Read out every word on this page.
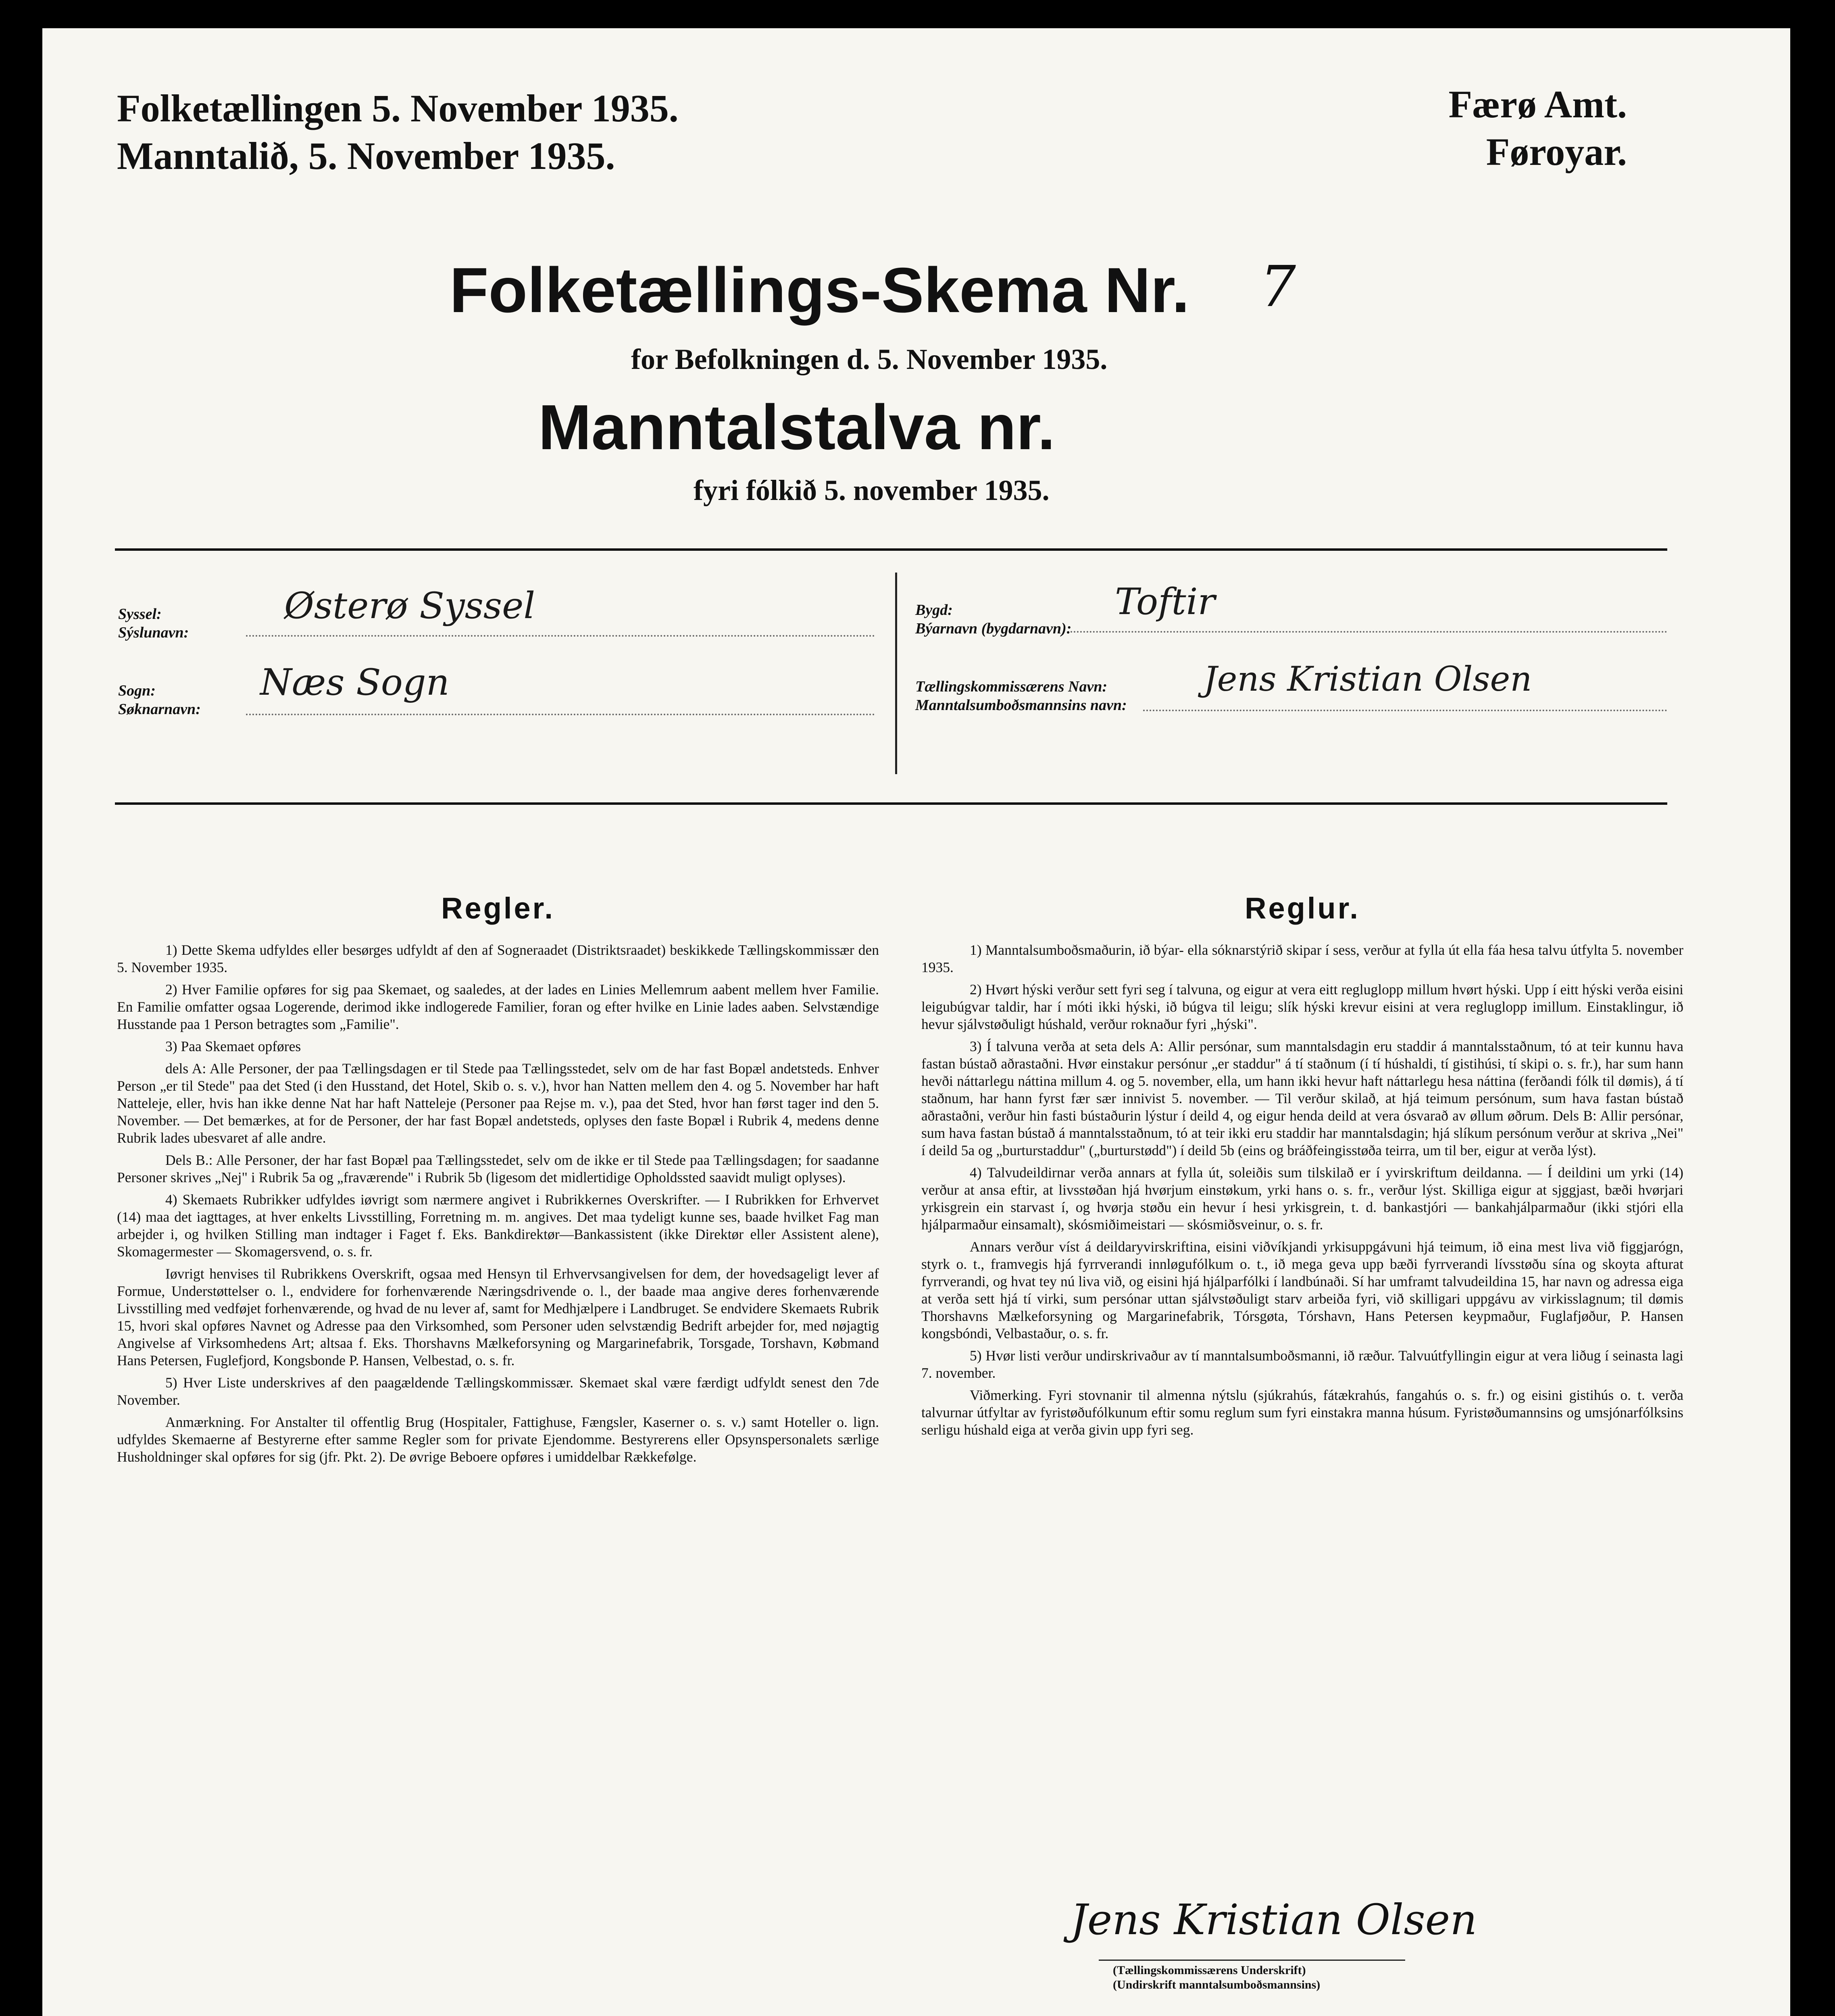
Folketællingen 5. November 1935.
Manntalið, 5. November 1935.
Færø Amt.
Føroyar.
Folketællings-Skema Nr. 7
for Befolkningen d. 5. November 1935.
Manntalstalva nr.
fyri fólkið 5. november 1935.
Syssel:
Sýslunavn:
Østerø Syssel
Sogn:
Søknarnavn:
Næs Sogn
Bygd:
Býarnavn (bygdarnavn):
Toftir
Tællingskommissærens Navn:
Manntalsumboðsmannsins navn:
Jens Kristian Olsen
Regler.

1) Dette Skema udfyldes eller besørges udfyldt af den af Sogneraadet (Distriktsraadet) beskikkede Tællingskommissær den 5. November 1935.

2) Hver Familie opføres for sig paa Skemaet, og saaledes, at der lades en Linies Mellemrum aabent mellem hver Familie. En Familie omfatter ogsaa Logerende, derimod ikke indlogerede Familier, foran og efter hvilke en Linie lades aaben. Selvstændige Husstande paa 1 Person betragtes som „Familie".

3) Paa Skemaet opføres

dels A: Alle Personer, der paa Tællingsdagen er til Stede paa Tællingsstedet, selv om de har fast Bopæl andetsteds. Enhver Person „er til Stede" paa det Sted (i den Husstand, det Hotel, Skib o. s. v.), hvor han Natten mellem den 4. og 5. November har haft Natteleje, eller, hvis han ikke denne Nat har haft Natteleje (Personer paa Rejse m. v.), paa det Sted, hvor han først tager ind den 5. November. — Det bemærkes, at for de Personer, der har fast Bopæl andetsteds, oplyses den faste Bopæl i Rubrik 4, medens denne Rubrik lades ubesvaret af alle andre.

Dels B.: Alle Personer, der har fast Bopæl paa Tællingsstedet, selv om de ikke er til Stede paa Tællingsdagen; for saadanne Personer skrives „Nej" i Rubrik 5a og „fraværende" i Rubrik 5b (ligesom det midlertidige Opholdssted saavidt muligt oplyses).

4) Skemaets Rubrikker udfyldes iøvrigt som nærmere angivet i Rubrikkernes Overskrifter. — I Rubrikken for Erhvervet (14) maa det iagttages, at hver enkelts Livsstilling, Forretning m. m. angives. Det maa tydeligt kunne ses, baade hvilket Fag man arbejder i, og hvilken Stilling man indtager i Faget f. Eks. Bankdirektør—Bankassistent (ikke Direktør eller Assistent alene), Skomagermester — Skomagersvend, o. s. fr.

Iøvrigt henvises til Rubrikkens Overskrift, ogsaa med Hensyn til Erhvervsangivelsen for dem, der hovedsageligt lever af Formue, Understøttelser o. l., endvidere for forhenværende Næringsdrivende o. l., der baade maa angive deres forhenværende Livsstilling med vedføjet forhenværende, og hvad de nu lever af, samt for Medhjælpere i Landbruget. Se endvidere Skemaets Rubrik 15, hvori skal opføres Navnet og Adresse paa den Virksomhed, som Personer uden selvstændig Bedrift arbejder for, med nøjagtig Angivelse af Virksomhedens Art; altsaa f. Eks. Thorshavns Mælkeforsyning og Margarinefabrik, Torsgade, Torshavn, Købmand Hans Petersen, Fuglefjord, Kongsbonde P. Hansen, Velbestad, o. s. fr.

5) Hver Liste underskrives af den paagældende Tællingskommissær. Skemaet skal være færdigt udfyldt senest den 7de November.

Anmærkning. For Anstalter til offentlig Brug (Hospitaler, Fattighuse, Fængsler, Kaserner o. s. v.) samt Hoteller o. lign. udfyldes Skemaerne af Bestyrerne efter samme Regler som for private Ejendomme. Bestyrerens eller Opsynspersonalets særlige Husholdninger skal opføres for sig (jfr. Pkt. 2). De øvrige Beboere opføres i umiddelbar Rækkefølge.

Reglur.

1) Manntalsumboðsmaðurin, ið býar- ella sóknarstýrið skipar í sess, verður at fylla út ella fáa hesa talvu útfylta 5. november 1935.

2) Hvørt hýski verður sett fyri seg í talvuna, og eigur at vera eitt regluglopp millum hvørt hýski. Upp í eitt hýski verða eisini leigubúgvar taldir, har í móti ikki hýski, ið búgva til leigu; slík hýski krevur eisini at vera regluglopp imillum. Einstaklingur, ið hevur sjálvstøðuligt húshald, verður roknaður fyri „hýski".

3) Í talvuna verða at seta dels A: Allir persónar, sum manntalsdagin eru staddir á manntalsstaðnum, tó at teir kunnu hava fastan bústað aðrastaðni. Hvør einstakur persónur „er staddur" á tí staðnum (í tí húshaldi, tí gistihúsi, tí skipi o. s. fr.), har sum hann hevði náttarlegu náttina millum 4. og 5. november, ella, um hann ikki hevur haft náttarlegu hesa náttina (ferðandi fólk til dømis), á tí staðnum, har hann fyrst fær sær innivist 5. november. — Til verður skilað, at hjá teimum persónum, sum hava fastan bústað aðrastaðni, verður hin fasti bústaðurin lýstur í deild 4, og eigur henda deild at vera ósvarað av øllum øðrum. Dels B: Allir persónar, sum hava fastan bústað á manntalsstaðnum, tó at teir ikki eru staddir har manntalsdagin; hjá slíkum persónum verður at skriva „Nei" í deild 5a og „burturstaddur" („burturstødd") í deild 5b (eins og bráðfeingisstøða teirra, um til ber, eigur at verða lýst).

4) Talvudeildirnar verða annars at fylla út, soleiðis sum tilskilað er í yvirskriftum deildanna. — Í deildini um yrki (14) verður at ansa eftir, at livsstøðan hjá hvørjum einstøkum, yrki hans o. s. fr., verður lýst. Skilliga eigur at sjggjast, bæði hvørjari yrkisgrein ein starvast í, og hvørja støðu ein hevur í hesi yrkisgrein, t. d. bankastjóri — bankahjálparmaður (ikki stjóri ella hjálparmaður einsamalt), skósmiðimeistari — skósmiðsveinur, o. s. fr.

Annars verður víst á deildaryvirskriftina, eisini viðvíkjandi yrkisuppgávuni hjá teimum, ið eina mest liva við figgjarógn, styrk o. t., framvegis hjá fyrrverandi innløgufólkum o. t., ið mega geva upp bæði fyrrverandi lívsstøðu sína og skoyta afturat fyrrverandi, og hvat tey nú liva við, og eisini hjá hjálparfólki í landbúnaði. Sí har umframt talvudeildina 15, har navn og adressa eiga at verða sett hjá tí virki, sum persónar uttan sjálvstøðuligt starv arbeiða fyri, við skilligari uppgávu av virkisslagnum; til dømis Thorshavns Mælkeforsyning og Margarinefabrik, Tórsgøta, Tórshavn, Hans Petersen keypmaður, Fuglafjøður, P. Hansen kongsbóndi, Velbastaður, o. s. fr.

5) Hvør listi verður undirskrivaður av tí manntalsumboðsmanni, ið ræður. Talvuútfyllingin eigur at vera liðug í seinasta lagi 7. november.

Viðmerking. Fyri stovnanir til almenna nýtslu (sjúkrahús, fátækrahús, fangahús o. s. fr.) og eisini gistihús o. t. verða talvurnar útfyltar av fyristøðufólkunum eftir somu reglum sum fyri einstakra manna húsum. Fyristøðumannsins og umsjónarfólksins serligu húshald eiga at verða givin upp fyri seg.

Jens Kristian Olsen
(Tællingskommissærens Underskrift)
(Undirskrift manntalsumboðsmannsins)
